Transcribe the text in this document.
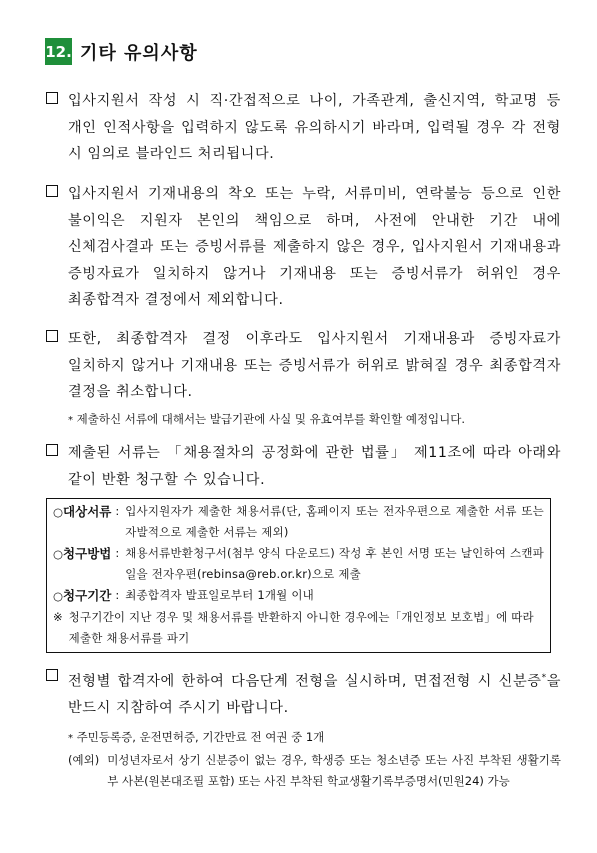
12. 기타 유의사항

입사지원서 작성 시 직·간접적으로 나이, 가족관계, 출신지역, 학교명 등 개인 인적사항을 입력하지 않도록 유의하시기 바라며, 입력될 경우 각 전형 시 임의로 블라인드 처리됩니다.

입사지원서 기재내용의 착오 또는 누락, 서류미비, 연락불능 등으로 인한 불이익은 지원자 본인의 책임으로 하며, 사전에 안내한 기간 내에 신체검사결과 또는 증빙서류를 제출하지 않은 경우, 입사지원서 기재내용과 증빙자료가 일치하지 않거나 기재내용 또는 증빙서류가 허위인 경우 최종합격자 결정에서 제외합니다.

또한, 최종합격자 결정 이후라도 입사지원서 기재내용과 증빙자료가 일치하지 않거나 기재내용 또는 증빙서류가 허위로 밝혀질 경우 최종합격자 결정을 취소합니다.

* 제출하신 서류에 대해서는 발급기관에 사실 및 유효여부를 확인할 예정입니다.

제출된 서류는 「채용절차의 공정화에 관한 법률」 제11조에 따라 아래와 같이 반환 청구할 수 있습니다.

○대상서류 : 입사지원자가 제출한 채용서류(단, 홈페이지 또는 전자우편으로 제출한 서류 또는 자발적으로 제출한 서류는 제외)
○청구방법 : 채용서류반환청구서(첨부 양식 다운로드) 작성 후 본인 서명 또는 날인하여 스캔파일을 전자우편(rebinsa@reb.or.kr)으로 제출
○청구기간 : 최종합격자 발표일로부터 1개월 이내
※ 청구기간이 지난 경우 및 채용서류를 반환하지 아니한 경우에는「개인정보 보호법」에 따라 제출한 채용서류를 파기

전형별 합격자에 한하여 다음단계 전형을 실시하며, 면접전형 시 신분증*을 반드시 지참하여 주시기 바랍니다.

* 주민등록증, 운전면허증, 기간만료 전 여권 중 1개
(예외) 미성년자로서 상기 신분증이 없는 경우, 학생증 또는 청소년증 또는 사진 부착된 생활기록부 사본(원본대조필 포함) 또는 사진 부착된 학교생활기록부증명서(민원24) 가능
